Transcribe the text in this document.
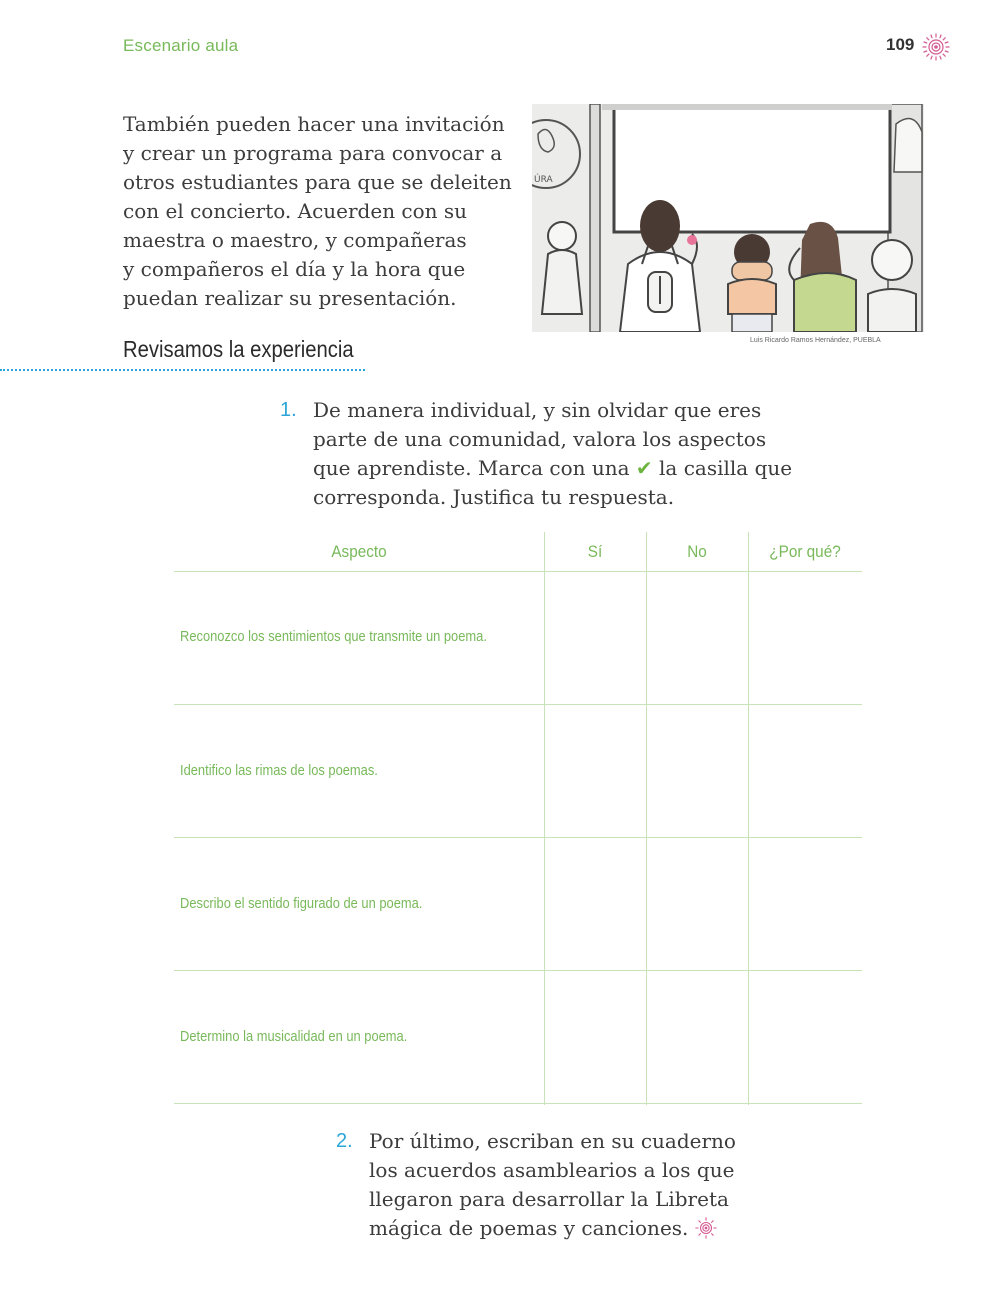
Escenario aula	109

También pueden hacer una invitación
y crear un programa para convocar a
otros estudiantes para que se deleiten
con el concierto. Acuerden con su
maestra o maestro, y compañeras
y compañeros el día y la hora que
puedan realizar su presentación.

ÚRA
Luis Ricardo Ramos Hernández, PUEBLA
Revisamos la experiencia
1. De manera individual, y sin olvidar que eres
parte de una comunidad, valora los aspectos
que aprendiste. Marca con una ✔ la casilla que
corresponda. Justifica tu respuesta.
Aspecto	Sí	No	¿Por qué?
Reconozco los sentimientos que transmite un poema.
Identifico las rimas de los poemas.
Describo el sentido figurado de un poema.
Determino la musicalidad en un poema.
2. Por último, escriban en su cuaderno
los acuerdos asamblearios a los que
llegaron para desarrollar la Libreta
mágica de poemas y canciones.
